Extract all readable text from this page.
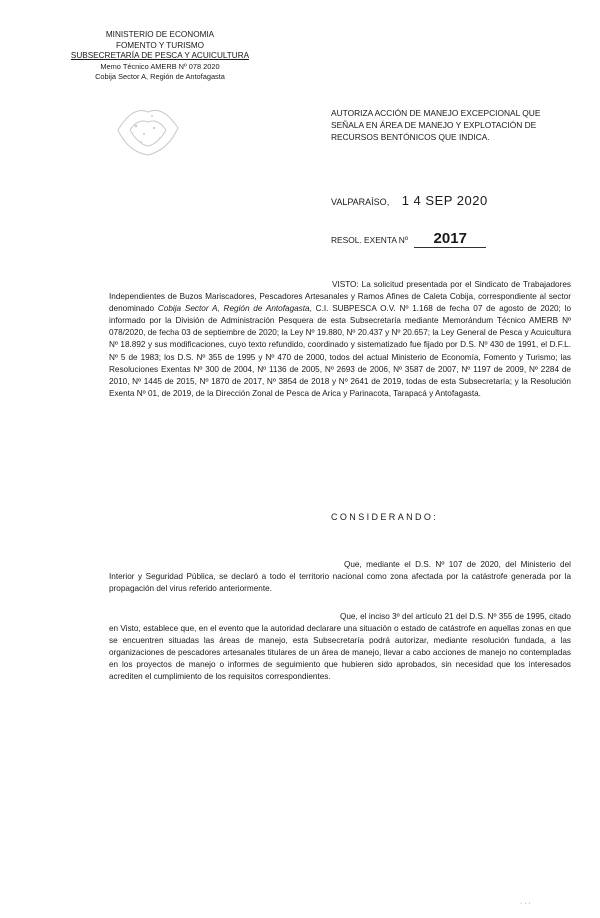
MINISTERIO DE ECONOMIA
FOMENTO Y TURISMO
SUBSECRETARÍA DE PESCA Y ACUICULTURA
Memo Técnico AMERB Nº 078 2020
Cobija Sector A, Región de Antofagasta
AUTORIZA ACCIÓN DE MANEJO EXCEPCIONAL QUE SEÑALA EN ÁREA DE MANEJO Y EXPLOTACIÓN DE RECURSOS BENTÓNICOS QUE INDICA.
VALPARAÍSO, 1 4 SEP 2020
RESOL. EXENTA Nº 2017
VISTO: La solicitud presentada por el Sindicato de Trabajadores Independientes de Buzos Mariscadores, Pescadores Artesanales y Ramos Afines de Caleta Cobija, correspondiente al sector denominado Cobija Sector A, Región de Antofagasta, C.I. SUBPESCA O.V. Nº 1.168 de fecha 07 de agosto de 2020; lo informado por la División de Administración Pesquera de esta Subsecretaría mediante Memorándum Técnico AMERB Nº 078/2020, de fecha 03 de septiembre de 2020; la Ley Nº 19.880, Nº 20.437 y Nº 20.657; la Ley General de Pesca y Acuicultura Nº 18.892 y sus modificaciones, cuyo texto refundido, coordinado y sistematizado fue fijado por D.S. Nº 430 de 1991, el D.F.L. Nº 5 de 1983; los D.S. Nº 355 de 1995 y Nº 470 de 2000, todos del actual Ministerio de Economía, Fomento y Turismo; las Resoluciones Exentas Nº 300 de 2004, Nº 1136 de 2005, Nº 2693 de 2006, Nº 3587 de 2007, Nº 1197 de 2009, Nº 2284 de 2010, Nº 1445 de 2015, Nº 1870 de 2017, Nº 3854 de 2018 y Nº 2641 de 2019, todas de esta Subsecretaría; y la Resolución Exenta Nº 01, de 2019, de la Dirección Zonal de Pesca de Arica y Parinacota, Tarapacá y Antofagasta.
CONSIDERANDO:
Que, mediante el D.S. Nº 107 de 2020, del Ministerio del Interior y Seguridad Pública, se declaró a todo el territorio nacional como zona afectada por la catástrofe generada por la propagación del virus referido anteriormente.
Que, el inciso 3º del artículo 21 del D.S. Nº 355 de 1995, citado en Visto, establece que, en el evento que la autoridad declarare una situación o estado de catástrofe en aquellas zonas en que se encuentren situadas las áreas de manejo, esta Subsecretaría podrá autorizar, mediante resolución fundada, a las organizaciones de pescadores artesanales titulares de un área de manejo, llevar a cabo acciones de manejo no contempladas en los proyectos de manejo o informes de seguimiento que hubieren sido aprobados, sin necesidad que los interesados acrediten el cumplimiento de los requisitos correspondientes.
· · ·
